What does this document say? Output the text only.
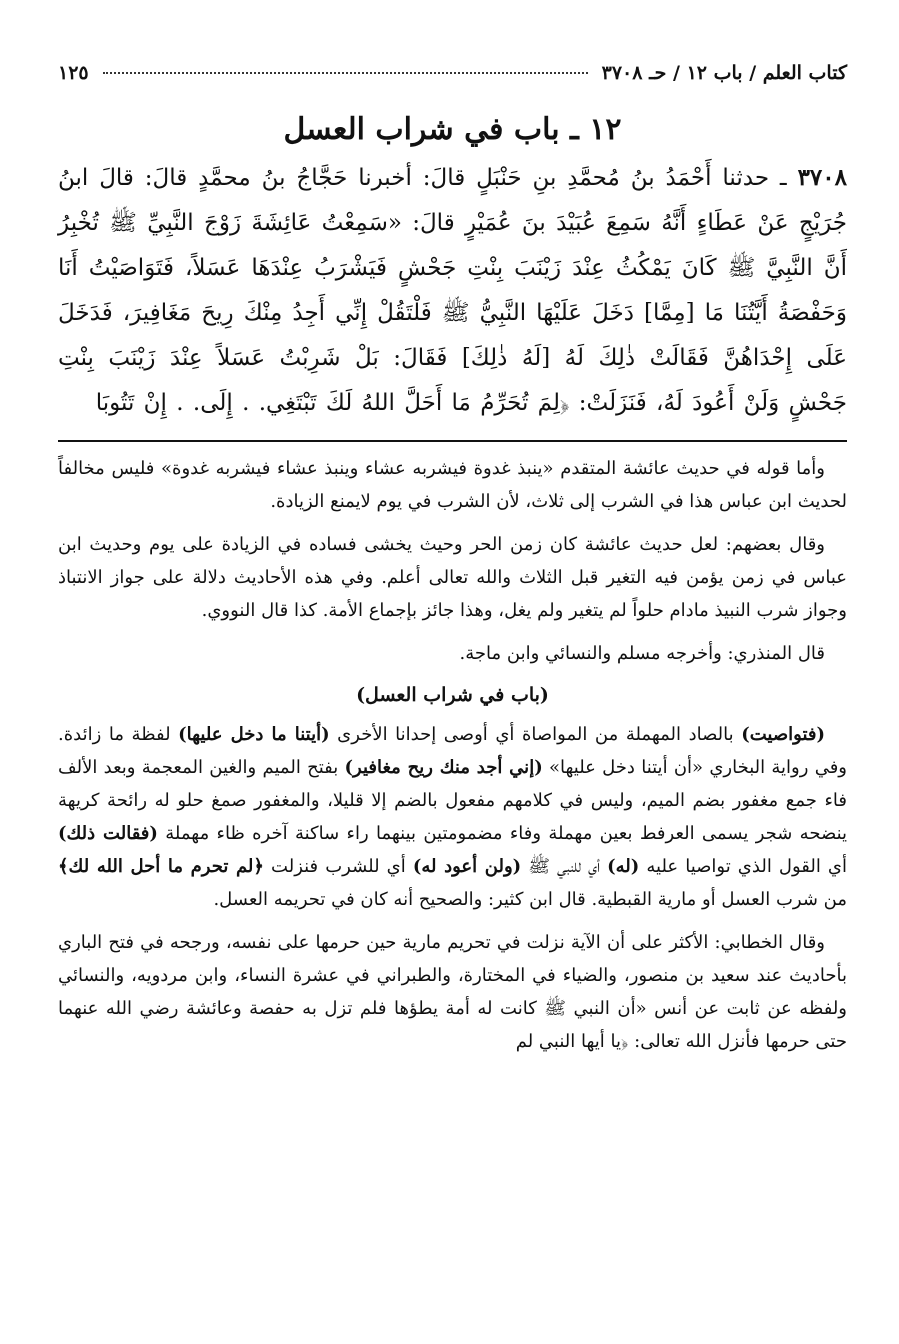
كتاب العلم / باب ١٢ / حـ ٣٧٠٨
١٢٥
١٢ ـ باب في شراب العسل

٣٧٠٨ ـ حدثنا أَحْمَدُ بنُ مُحمَّدِ بنِ حَنْبَلٍ قالَ: أخبرنا حَجَّاجُ بنُ محمَّدٍ قالَ: قالَ ابنُ جُرَيْجٍ عَنْ عَطَاءٍ أَنَّهُ سَمِعَ عُبَيْدَ بنَ عُمَيْرٍ قالَ: «سَمِعْتُ عَائِشَةَ زَوْجَ النَّبِيِّ ﷺ تُخْبِرُ أَنَّ النَّبِيَّ ﷺ كَانَ يَمْكُثُ عِنْدَ زَيْنَبَ بِنْتِ جَحْشٍ فَيَشْرَبُ عِنْدَهَا عَسَلاً، فَتَوَاصَيْتُ أَنَا وَحَفْصَةُ أَيَّتُنَا مَا [مِمَّا] دَخَلَ عَلَيْهَا النَّبِيُّ ﷺ فَلْتَقُلْ إِنِّي أَجِدُ مِنْكَ رِيحَ مَغَافِيرَ، فَدَخَلَ عَلَى إِحْدَاهُنَّ فَقَالَتْ ذٰلِكَ لَهُ [لَهُ ذٰلِكَ] فَقَالَ: بَلْ شَرِبْتُ عَسَلاً عِنْدَ زَيْنَبَ بِنْتِ جَحْشٍ وَلَنْ أَعُودَ لَهُ، فَنَزَلَتْ: ﴿لِمَ تُحَرِّمُ مَا أَحَلَّ اللهُ لَكَ تَبْتَغِي. . إِلَى. . إِنْ تَتُوبَا

وأما قوله في حديث عائشة المتقدم «ينبذ غدوة فيشربه عشاء وينبذ عشاء فيشربه غدوة» فليس مخالفاً لحديث ابن عباس هذا في الشرب إلى ثلاث، لأن الشرب في يوم لايمنع الزيادة.

وقال بعضهم: لعل حديث عائشة كان زمن الحر وحيث يخشى فساده في الزيادة على يوم وحديث ابن عباس في زمن يؤمن فيه التغير قبل الثلاث والله تعالى أعلم. وفي هذه الأحاديث دلالة على جواز الانتباذ وجواز شرب النبيذ مادام حلواً لم يتغير ولم يغل، وهذا جائز بإجماع الأمة. كذا قال النووي.

قال المنذري: وأخرجه مسلم والنسائي وابن ماجة.

(باب في شراب العسل)

(فتواصيت) بالصاد المهملة من المواصاة أي أوصى إحدانا الأخرى (أيتنا ما دخل عليها) لفظة ما زائدة. وفي رواية البخاري «أن أيتنا دخل عليها» (إني أجد منك ريح مغافير) بفتح الميم والغين المعجمة وبعد الألف فاء جمع مغفور بضم الميم، وليس في كلامهم مفعول بالضم إلا قليلا، والمغفور صمغ حلو له رائحة كريهة ينضحه شجر يسمى العرفط بعين مهملة وفاء مضمومتين بينهما راء ساكنة آخره ظاء مهملة (فقالت ذلك) أي القول الذي تواصيا عليه (له) أي للنبي ﷺ (ولن أعود له) أي للشرب فنزلت ﴿لم تحرم ما أحل الله لك﴾ من شرب العسل أو مارية القبطية. قال ابن كثير: والصحيح أنه كان في تحريمه العسل.

وقال الخطابي: الأكثر على أن الآية نزلت في تحريم مارية حين حرمها على نفسه، ورجحه في فتح الباري بأحاديث عند سعيد بن منصور، والضياء في المختارة، والطبراني في عشرة النساء، وابن مردويه، والنسائي ولفظه عن ثابت عن أنس «أن النبي ﷺ كانت له أمة يطؤها فلم تزل به حفصة وعائشة رضي الله عنهما حتى حرمها فأنزل الله تعالى: ﴿يا أيها النبي لم
